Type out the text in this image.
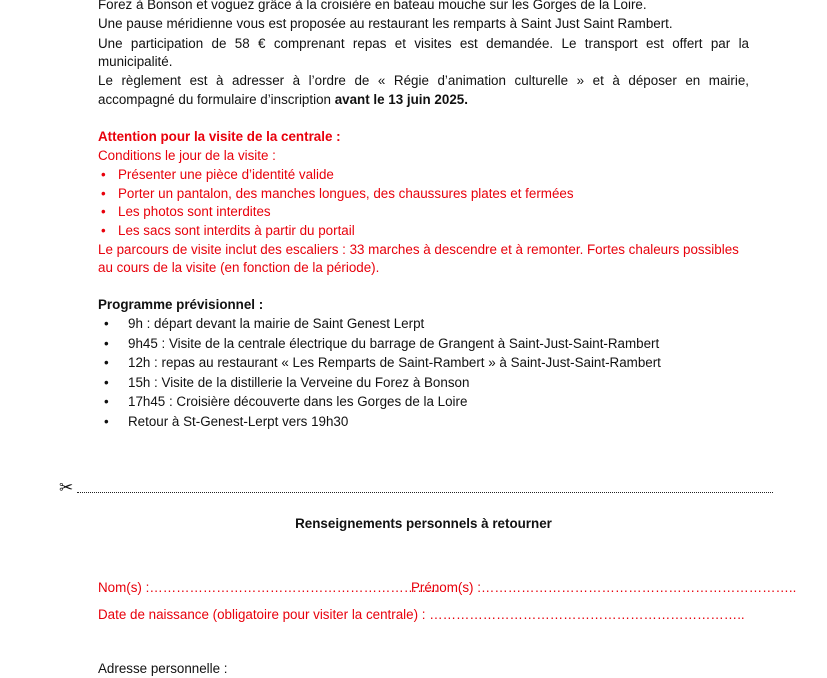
Forez à Bonson et voguez grâce à la croisière en bateau mouche sur les Gorges de la Loire.
Une pause méridienne vous est proposée au restaurant les remparts à Saint Just Saint Rambert.
Une participation de 58 € comprenant repas et visites est demandée. Le transport est offert par la
municipalité.
Le règlement est à adresser à l’ordre de « Régie d’animation culturelle » et à déposer en mairie,
accompagné du formulaire d’inscription avant le 13 juin 2025.
Attention pour la visite de la centrale :
Conditions le jour de la visite :
• Présenter une pièce d’identité valide
• Porter un pantalon, des manches longues, des chaussures plates et fermées
• Les photos sont interdites
• Les sacs sont interdits à partir du portail
Le parcours de visite inclut des escaliers : 33 marches à descendre et à remonter. Fortes chaleurs possibles
au cours de la visite (en fonction de la période).
Programme prévisionnel :
• 9h : départ devant la mairie de Saint Genest Lerpt
• 9h45 : Visite de la centrale électrique du barrage de Grangent à Saint-Just-Saint-Rambert
• 12h : repas au restaurant « Les Remparts de Saint-Rambert » à Saint-Just-Saint-Rambert
• 15h : Visite de la distillerie la Verveine du Forez à Bonson
• 17h45 : Croisière découverte dans les Gorges de la Loire
• Retour à St-Genest-Lerpt vers 19h30
Renseignements personnels à retourner
Nom(s) :………………………………………………………..
Prénom(s) :……………………………………………………………..
Date de naissance (obligatoire pour visiter la centrale) : ……………………………………………………………..
Adresse personnelle :
✂
